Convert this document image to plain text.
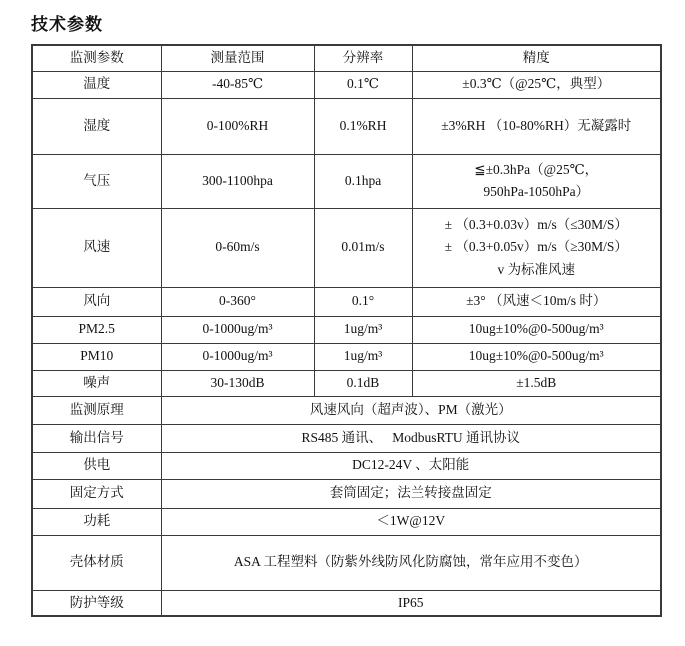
技术参数
监测参数	测量范围	分辨率	精度
温度	-40-85℃	0.1℃	±0.3℃（@25℃，典型）
湿度	0-100%RH	0.1%RH	±3%RH （10-80%RH）无凝露时
气压	300-1100hpa	0.1hpa	≦±0.3hPa（@25℃，
950hPa-1050hPa）

风速	0-60m/s	0.01m/s	± （0.3+0.03v）m/s（≤30M/S）
± （0.3+0.05v）m/s（≥30M/S）
v 为标准风速

风向	0-360°	0.1°	±3° （风速＜10m/s 时）
PM2.5	0-1000ug/m³	1ug/m³	10ug±10%@0-500ug/m³
PM10	0-1000ug/m³	1ug/m³	10ug±10%@0-500ug/m³
噪声	30-130dB	0.1dB	±1.5dB
监测原理	风速风向（超声波）、PM（激光）		
输出信号	RS485 通讯、　 ModbusRTU 通讯协议		
供电	DC12-24V 、太阳能		
固定方式	套筒固定；法兰转接盘固定		
功耗	＜1W@12V		
壳体材质	ASA 工程塑料（防紫外线防风化防腐蚀，常年应用不变色）		
防护等级	IP65		
